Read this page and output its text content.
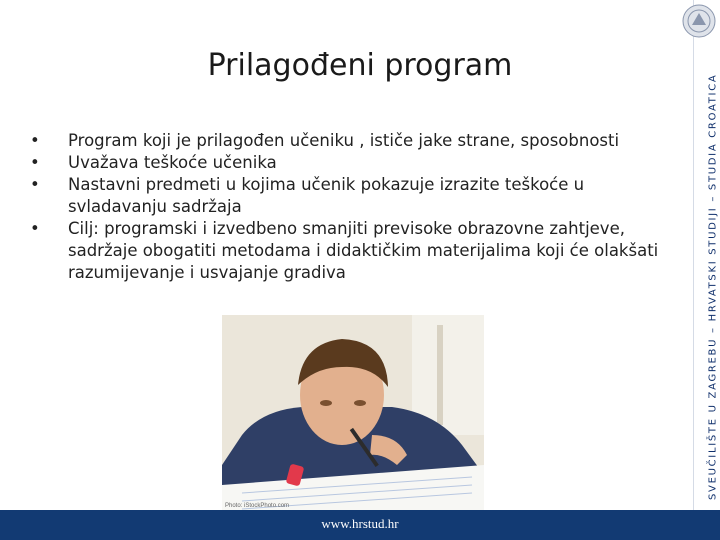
Prilagođeni program
•	Program koji je prilagođen učeniku , ističe jake strane, sposobnosti
•	Uvažava teškoće učenika
•	Nastavni predmeti u kojima učenik pokazuje izrazite teškoće u svladavanju sadržaja
•	Cilj: programski i izvedbeno smanjiti previsoke obrazovne zahtjeve, sadržaje obogatiti metodama i didaktičkim materijalima koji će olakšati razumijevanje i usvajanje gradiva
Photo: iStockPhoto.com
SVEUČILIŠTE U ZAGREBU – HRVATSKI STUDIJI – STUDIA CROATICA
www.hrstud.hr
